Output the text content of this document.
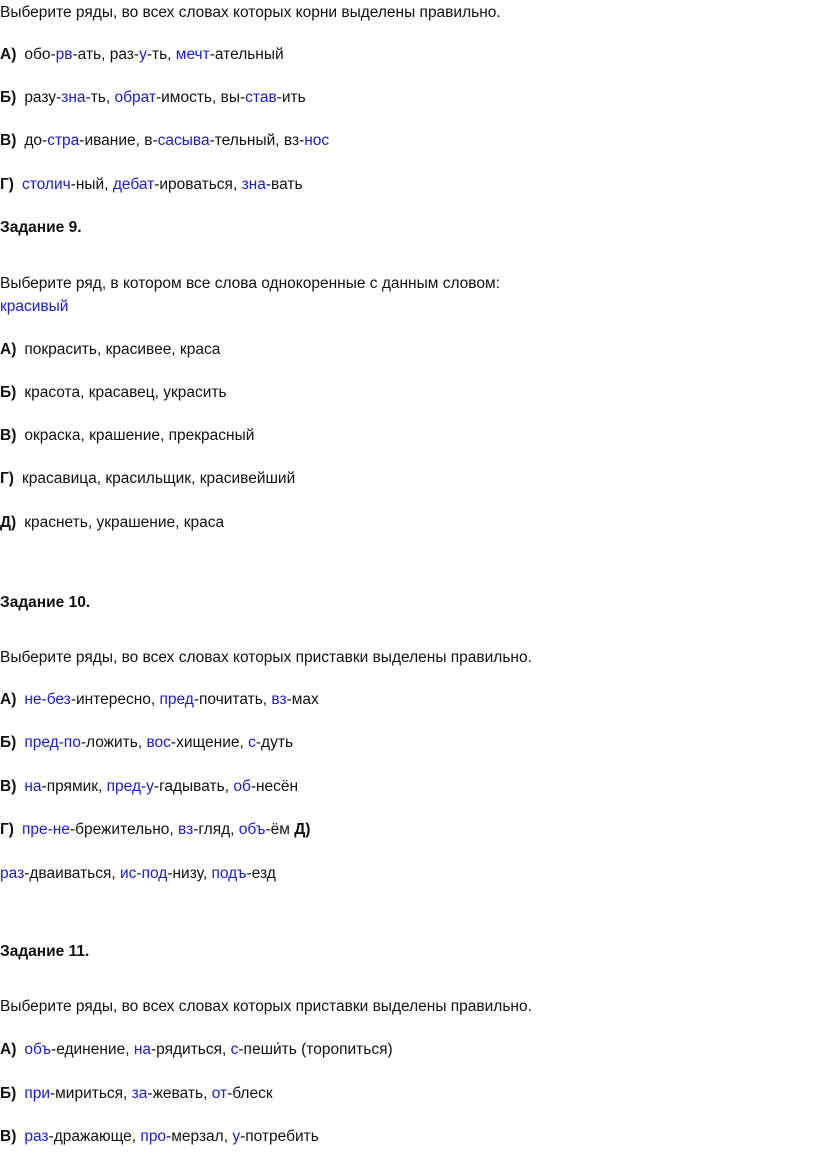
Выберите ряды, во всех словах которых корни выделены правильно.
А) обо-рв-ать, раз-у-ть, мечт-ательный
Б) разу-зна-ть, обрат-имость, вы-став-ить
В) до-стра-ивание, в-сасыва-тельный, вз-нос
Г) столич-ный, дебат-ироваться, зна-вать
Задание 9.
Выберите ряд, в котором все слова однокоренные с данным словом:
красивый
А) покрасить, красивее, краса
Б) красота, красавец, украсить
В) окраска, крашение, прекрасный
Г) красавица, красильщик, красивейший
Д) краснеть, украшение, краса
Задание 10.
Выберите ряды, во всех словах которых приставки выделены правильно.
А) не-без-интересно, пред-почитать, вз-мах
Б) пред-по-ложить, вос-хищение, с-дуть
В) на-прямик, пред-у-гадывать, об-несён
Г) пре-не-брежительно, вз-гляд, объ-ём Д)
раз-дваиваться, ис-под-низу, подъ-езд
Задание 11.
Выберите ряды, во всех словах которых приставки выделены правильно.
А) объ-единение, на-рядиться, с-пеши́ть (торопиться)
Б) при-мириться, за-жевать, от-блеск
В) раз-дражающе, про-мерзал, у-потребить
